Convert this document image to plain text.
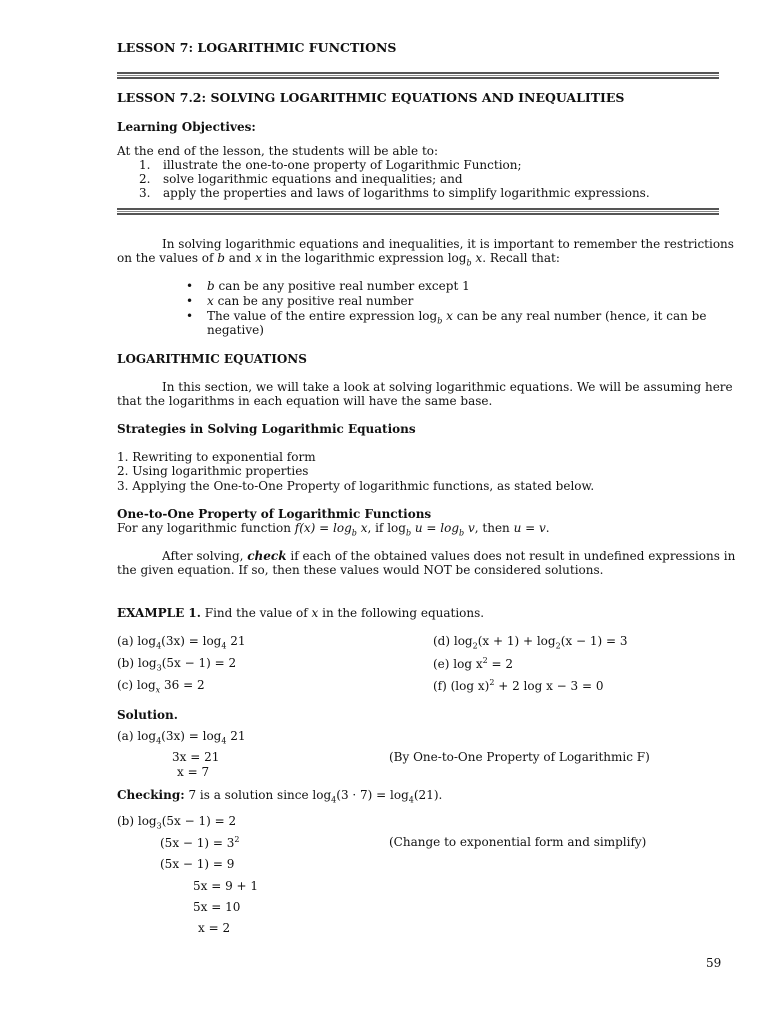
LESSON 7: LOGARITHMIC FUNCTIONS
LESSON 7.2: SOLVING LOGARITHMIC EQUATIONS AND INEQUALITIES
Learning Objectives:
At the end of the lesson, the students will be able to:
1. illustrate the one-to-one property of Logarithmic Function;
2. solve logarithmic equations and inequalities; and
3. apply the properties and laws of logarithms to simplify logarithmic expressions.
In solving logarithmic equations and inequalities, it is important to remember the restrictions
on the values of b and x in the logarithmic expression $\log_b x$. Recall that:
• b can be any positive real number except 1
• x can be any positive real number
• The value of the entire expression $\log_b x$ can be any real number (hence, it can be
negative)
LOGARITHMIC EQUATIONS
In this section, we will take a look at solving logarithmic equations. We will be assuming here
that the logarithms in each equation will have the same base.
Strategies in Solving Logarithmic Equations
1. Rewriting to exponential form
2. Using logarithmic properties
3. Applying the One-to-One Property of logarithmic functions, as stated below.
One-to-One Property of Logarithmic Functions
For any logarithmic function $f(x) = \log_b x$, if $\log_b u = \log_b v$, then u = v.
After solving, check if each of the obtained values does not result in undefined expressions in
the given equation. If so, then these values would NOT be considered solutions.
EXAMPLE 1. Find the value of x in the following equations.
(a) $\log_4(3x) = \log_4 21$
(b) $\log_3(5x - 1) = 2$
(c) $\log_x 36 = 2$
(d) $\log_2(x + 1) + \log_2(x - 1) = 3$
(e) $\log x^2 = 2$
(f) (log x)$^2$ + 2 log x − 3 = 0
Solution.
(a) $\log_4(3x) = \log_4 21$
3x = 21	(By One-to-One Property of Logarithmic F)
x = 7
Checking: 7 is a solution since $\log_4(3 \cdot 7) = \log_4(21)$.
(b) $\log_3(5x - 1) = 2$
$(5x - 1) = 3^2$	(Change to exponential form and simplify)
(5x − 1) = 9
5x = 9 + 1
5x = 10
x = 2
59
